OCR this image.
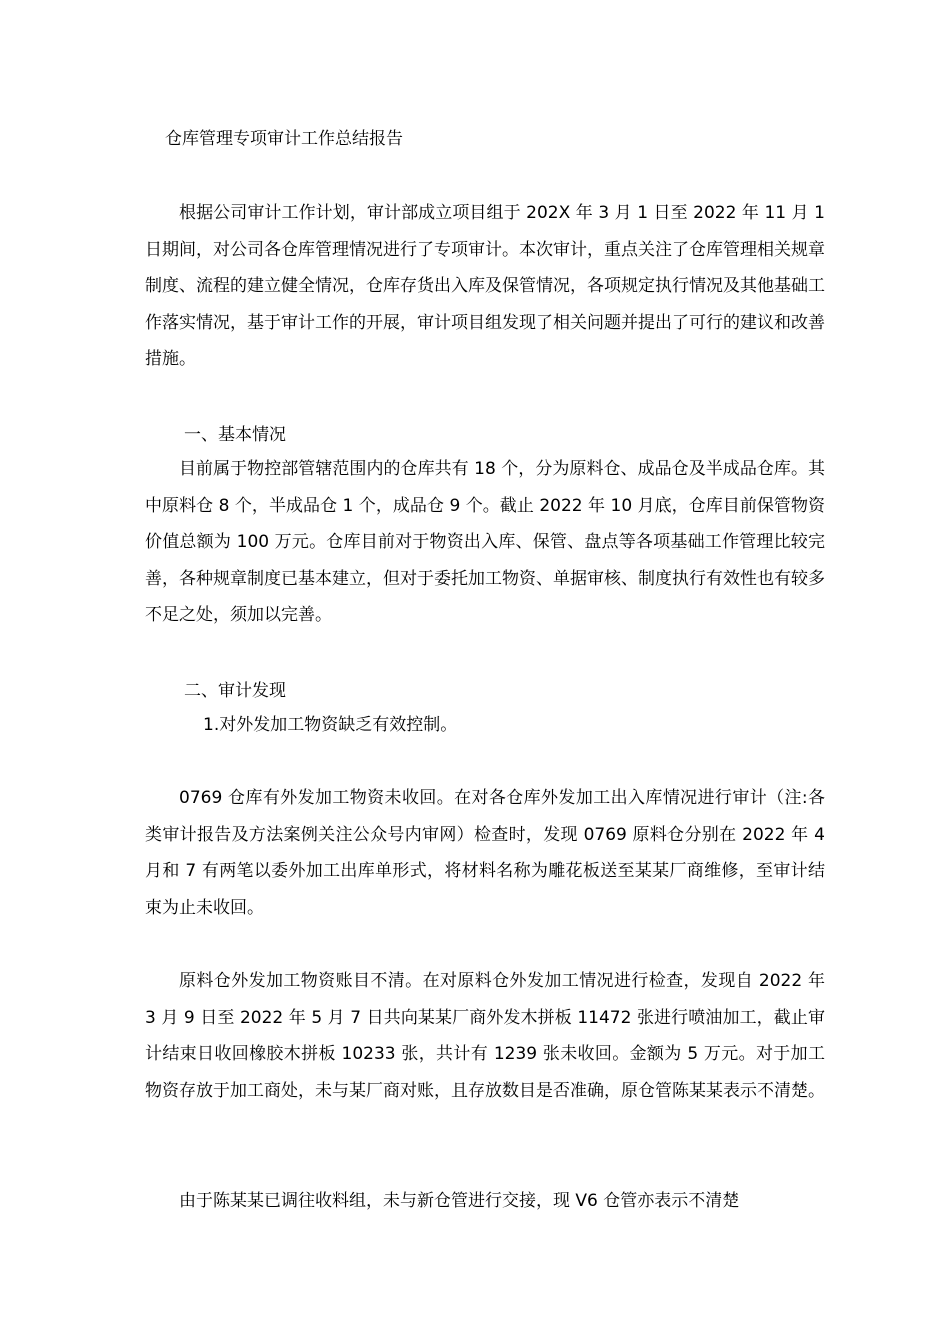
仓库管理专项审计工作总结报告

根据公司审计工作计划，审计部成立项目组于 202X 年 3 月 1 日至 2022 年 11 月 1 日期间，对公司各仓库管理情况进行了专项审计。本次审计，重点关注了仓库管理相关规章制度、流程的建立健全情况，仓库存货出入库及保管情况，各项规定执行情况及其他基础工作落实情况，基于审计工作的开展，审计项目组发现了相关问题并提出了可行的建议和改善措施。

一、基本情况

目前属于物控部管辖范围内的仓库共有 18 个，分为原料仓、成品仓及半成品仓库。其中原料仓 8 个，半成品仓 1 个，成品仓 9 个。截止 2022 年 10 月底，仓库目前保管物资价值总额为 100 万元。仓库目前对于物资出入库、保管、盘点等各项基础工作管理比较完善，各种规章制度已基本建立，但对于委托加工物资、单据审核、制度执行有效性也有较多不足之处，须加以完善。

二、审计发现
1.对外发加工物资缺乏有效控制。

0769 仓库有外发加工物资未收回。在对各仓库外发加工出入库情况进行审计（注:各类审计报告及方法案例关注公众号内审网）检查时，发现 0769 原料仓分别在 2022 年 4 月和 7 有两笔以委外加工出库单形式，将材料名称为雕花板送至某某厂商维修，至审计结束为止未收回。

原料仓外发加工物资账目不清。在对原料仓外发加工情况进行检查，发现自 2022 年 3 月 9 日至 2022 年 5 月 7 日共向某某厂商外发木拼板 11472 张进行喷油加工，截止审计结束日收回橡胶木拼板 10233 张，共计有 1239 张未收回。金额为 5 万元。对于加工物资存放于加工商处，未与某厂商对账，且存放数目是否准确，原仓管陈某某表示不清楚。

由于陈某某已调往收料组，未与新仓管进行交接，现 V6 仓管亦表示不清楚
